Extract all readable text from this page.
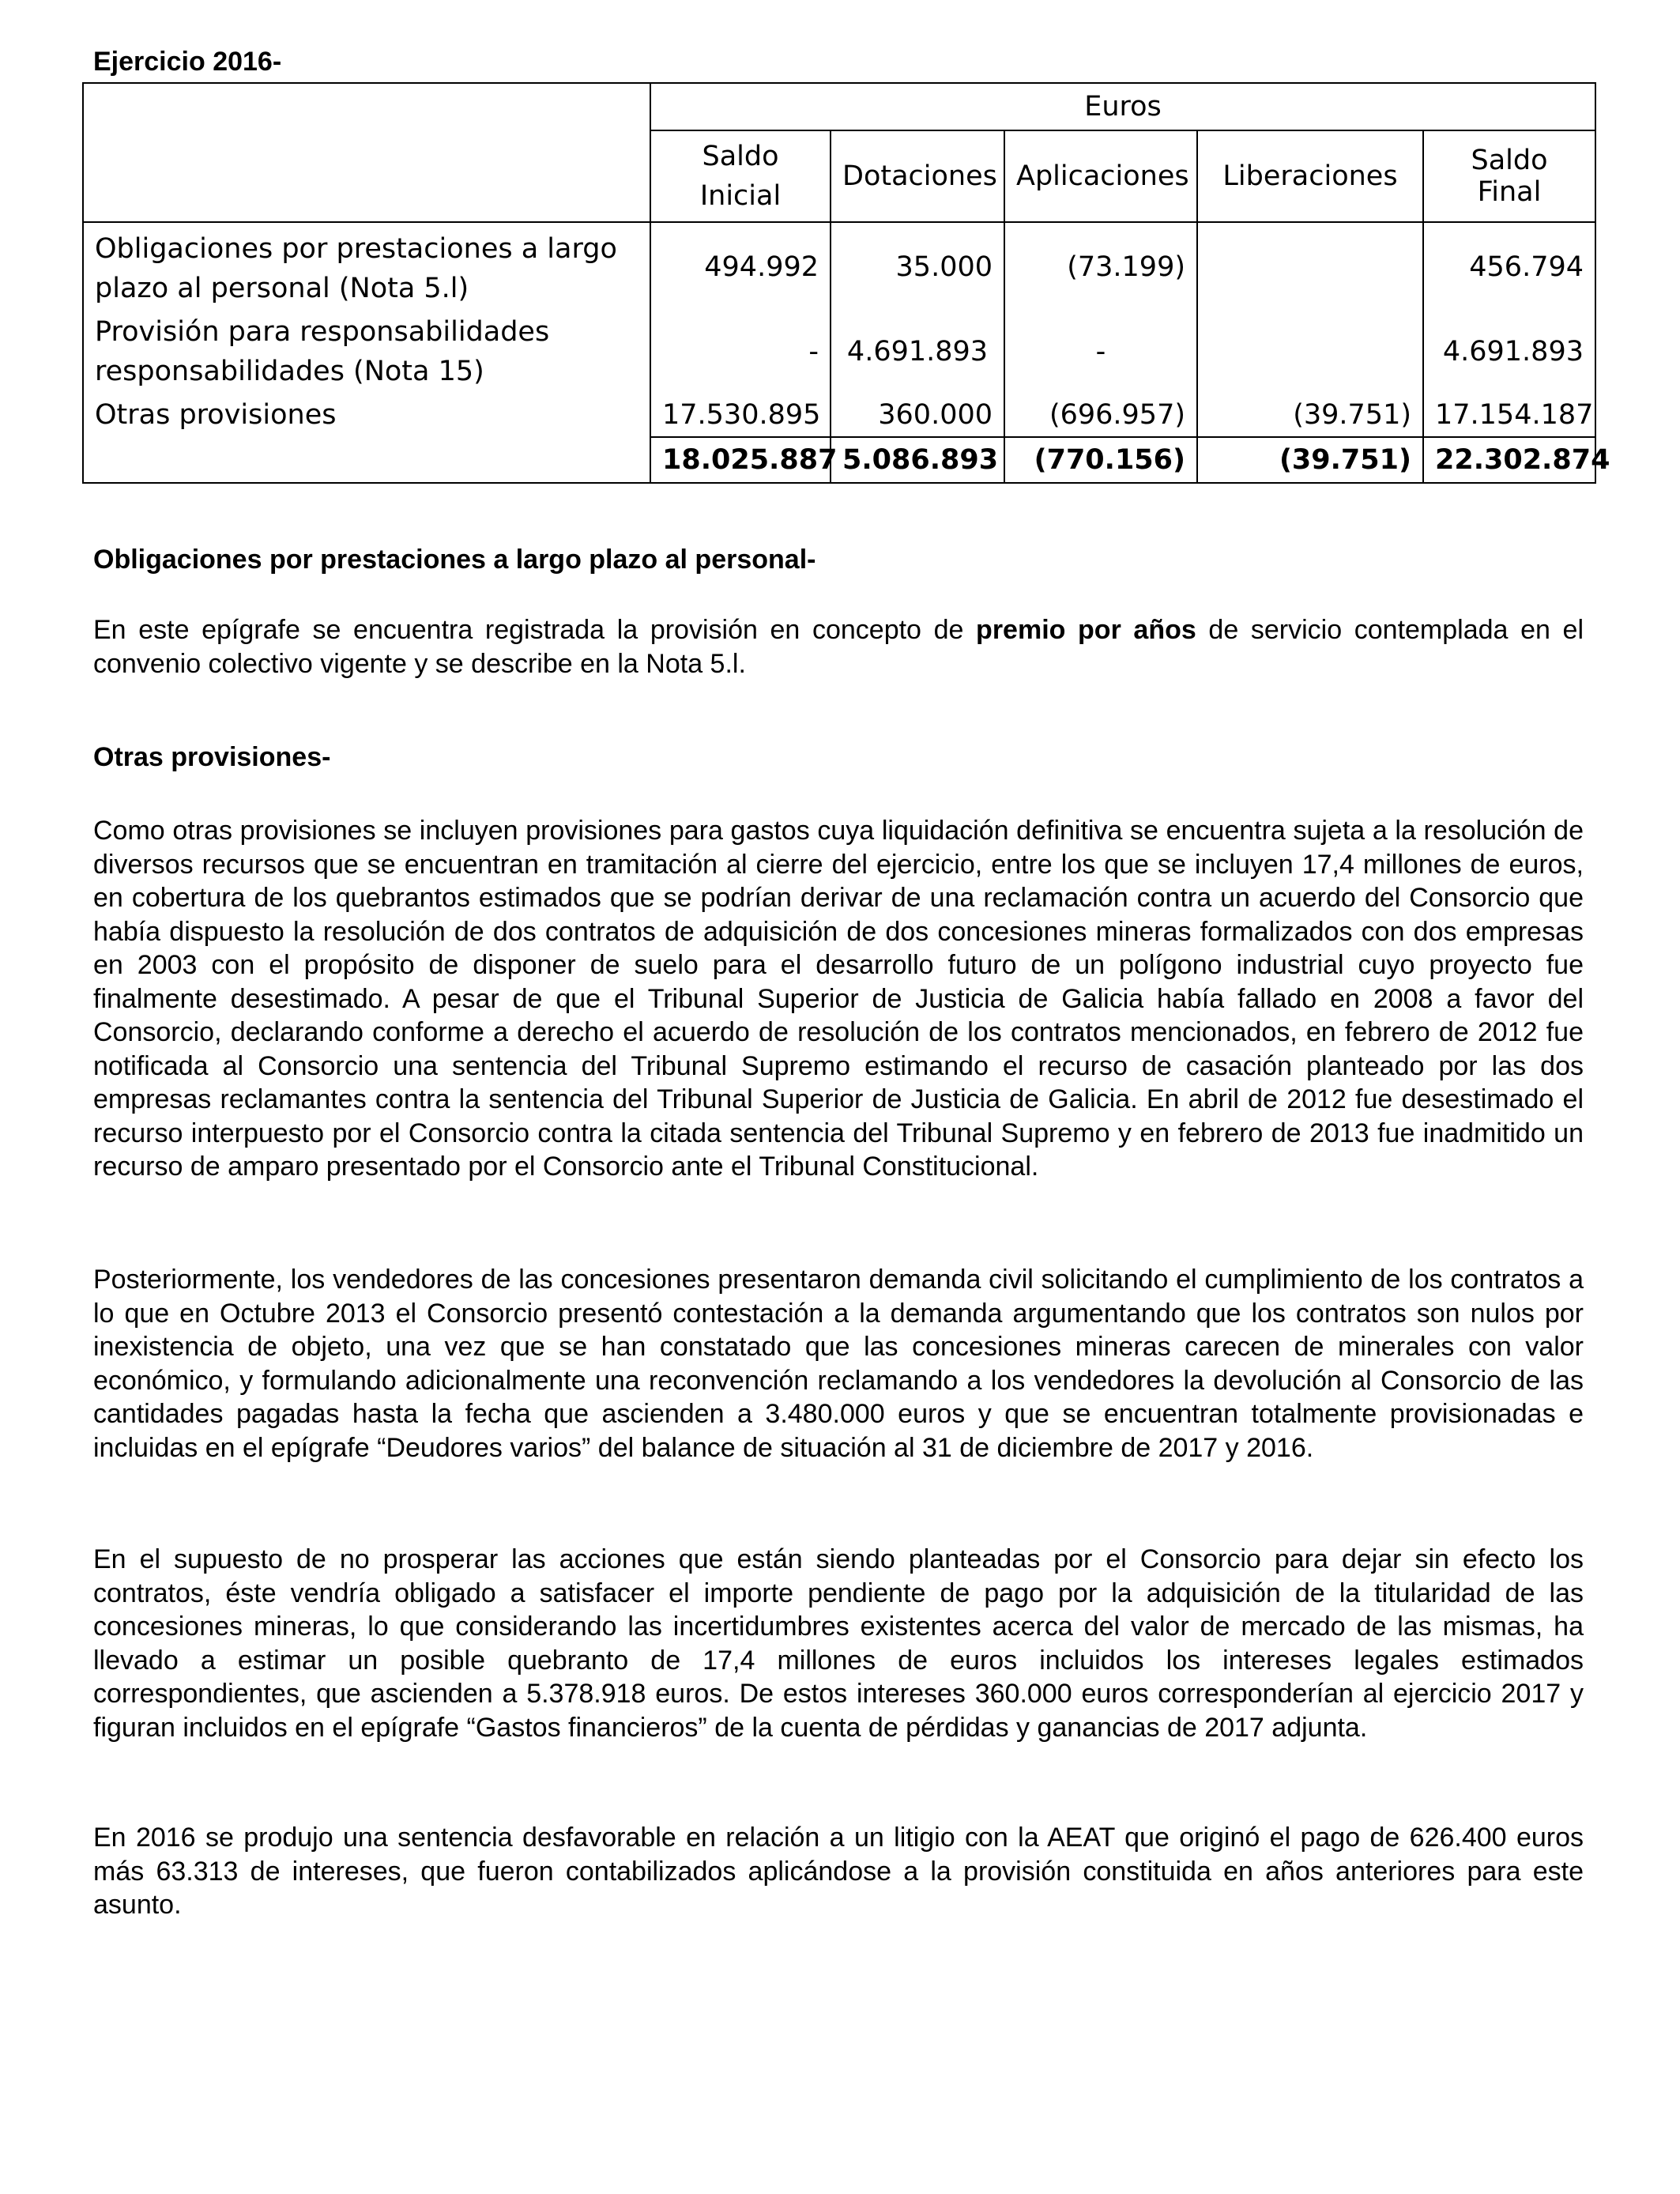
Ejercicio 2016-

	Euros				
	Saldo Inicial	Dotaciones	Aplicaciones	Liberaciones	Saldo Final
Obligaciones por prestaciones a largo plazo al personal (Nota 5.l)	494.992	35.000	(73.199)		456.794
Provisión para responsabilidades responsabilidades (Nota 15)	-	4.691.893	-		4.691.893
Otras provisiones	17.530.895	360.000	(696.957)	(39.751)	17.154.187
	18.025.887	5.086.893	(770.156)	(39.751)	22.302.874

Obligaciones por prestaciones a largo plazo al personal-

En este epígrafe se encuentra registrada la provisión en concepto de premio por años de servicio contemplada en el convenio colectivo vigente y se describe en la Nota 5.l.

Otras provisiones-

Como otras provisiones se incluyen provisiones para gastos cuya liquidación definitiva se encuentra sujeta a la resolución de diversos recursos que se encuentran en tramitación al cierre del ejercicio, entre los que se incluyen 17,4 millones de euros, en cobertura de los quebrantos estimados que se podrían derivar de una reclamación contra un acuerdo del Consorcio que había dispuesto la resolución de dos contratos de adquisición de dos concesiones mineras formalizados con dos empresas en 2003 con el propósito de disponer de suelo para el desarrollo futuro de un polígono industrial cuyo proyecto fue finalmente desestimado. A pesar de que el Tribunal Superior de Justicia de Galicia había fallado en 2008 a favor del Consorcio, declarando conforme a derecho el acuerdo de resolución de los contratos mencionados, en febrero de 2012 fue notificada al Consorcio una sentencia del Tribunal Supremo estimando el recurso de casación planteado por las dos empresas reclamantes contra la sentencia del Tribunal Superior de Justicia de Galicia. En abril de 2012 fue desestimado el recurso interpuesto por el Consorcio contra la citada sentencia del Tribunal Supremo y en febrero de 2013 fue inadmitido un recurso de amparo presentado por el Consorcio ante el Tribunal Constitucional.

Posteriormente, los vendedores de las concesiones presentaron demanda civil solicitando el cumplimiento de los contratos a lo que en Octubre 2013 el Consorcio presentó contestación a la demanda argumentando que los contratos son nulos por inexistencia de objeto, una vez que se han constatado que las concesiones mineras carecen de minerales con valor económico, y formulando adicionalmente una reconvención reclamando a los vendedores la devolución al Consorcio de las cantidades pagadas hasta la fecha que ascienden a 3.480.000 euros y que se encuentran totalmente provisionadas e incluidas en el epígrafe “Deudores varios” del balance de situación al 31 de diciembre de 2017 y 2016.

En el supuesto de no prosperar las acciones que están siendo planteadas por el Consorcio para dejar sin efecto los contratos, éste vendría obligado a satisfacer el importe pendiente de pago por la adquisición de la titularidad de las concesiones mineras, lo que considerando las incertidumbres existentes acerca del valor de mercado de las mismas, ha llevado a estimar un posible quebranto de 17,4 millones de euros incluidos los intereses legales estimados correspondientes, que ascienden a 5.378.918 euros. De estos intereses 360.000 euros corresponderían al ejercicio 2017 y figuran incluidos en el epígrafe “Gastos financieros” de la cuenta de pérdidas y ganancias de 2017 adjunta.

En 2016 se produjo una sentencia desfavorable en relación a un litigio con la AEAT que originó el pago de 626.400 euros más 63.313 de intereses, que fueron contabilizados aplicándose a la provisión constituida en años anteriores para este asunto.
